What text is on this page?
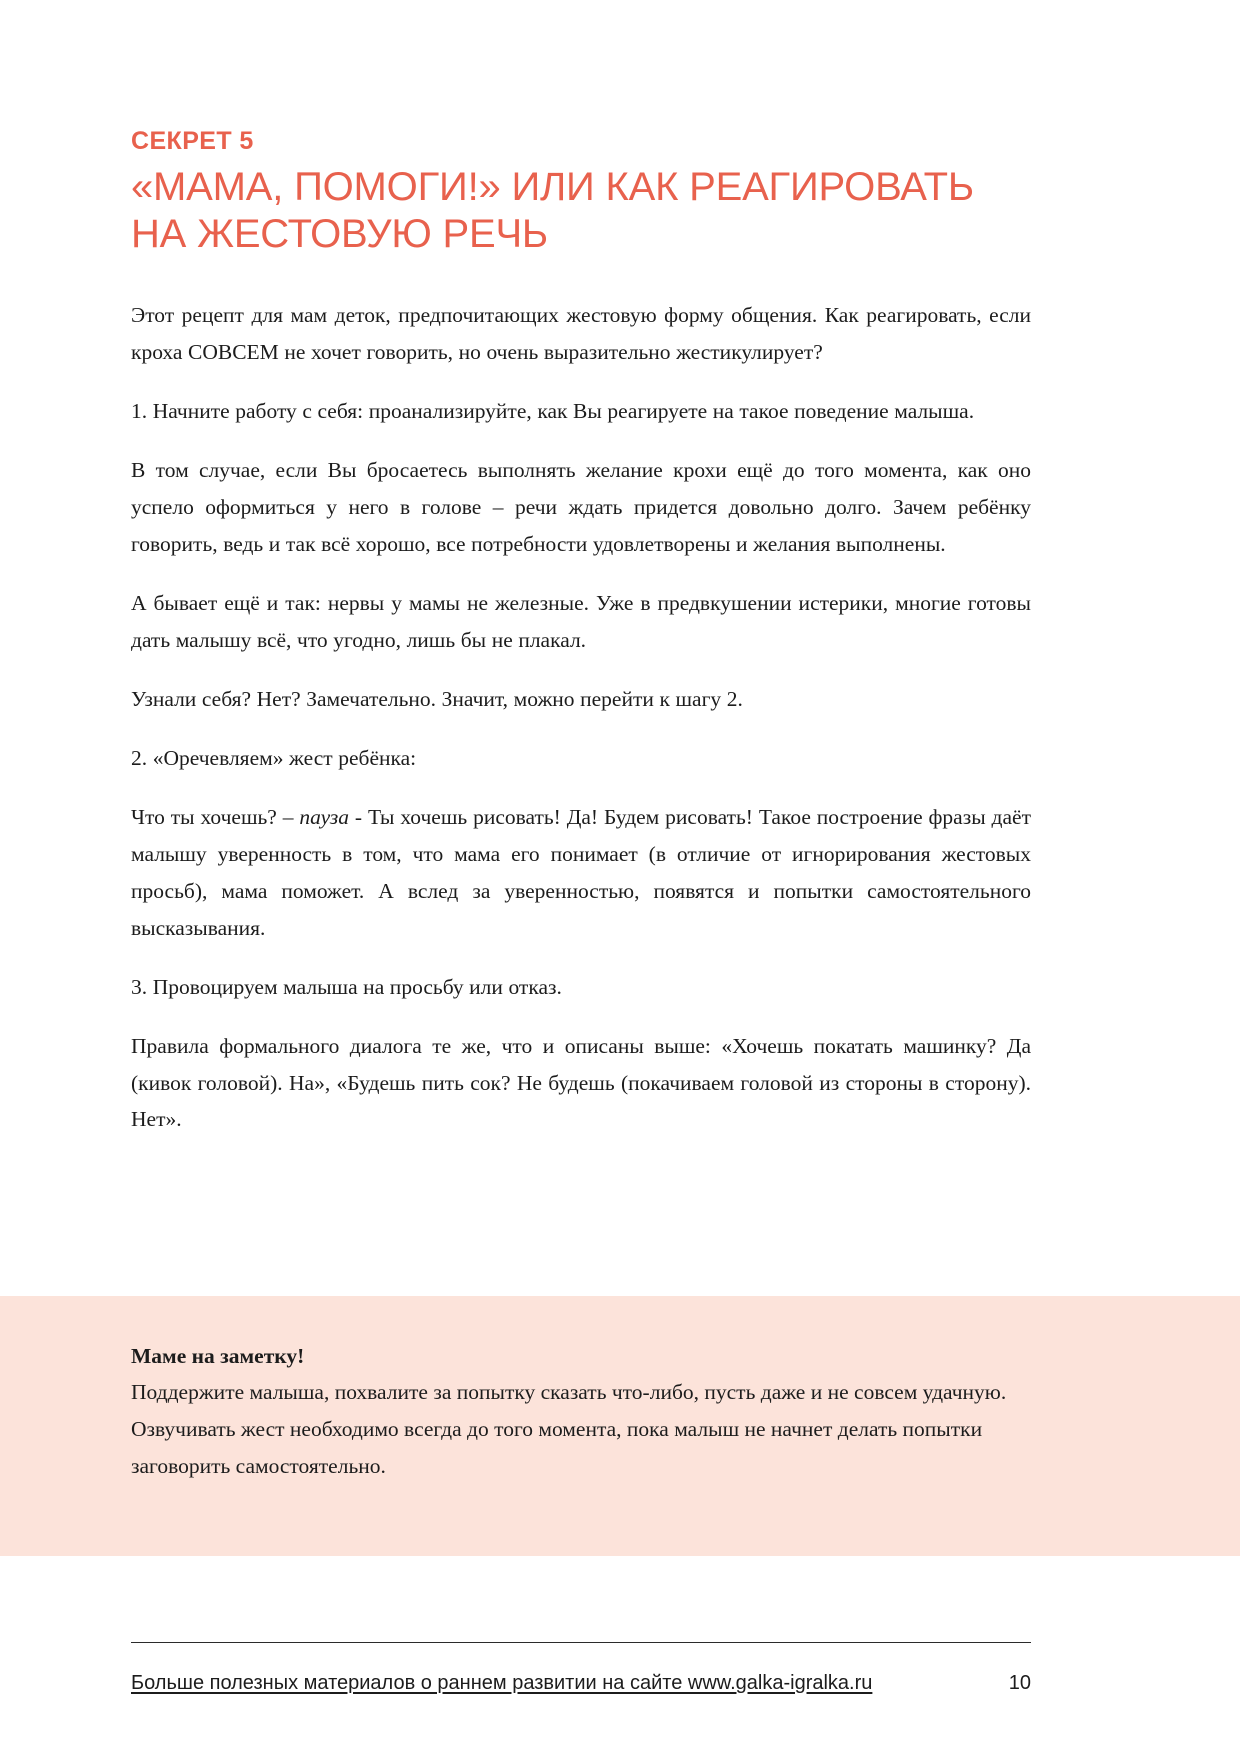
СЕКРЕТ 5
«МАМА, ПОМОГИ!» ИЛИ КАК РЕАГИРОВАТЬ НА ЖЕСТОВУЮ РЕЧЬ

Этот рецепт для мам деток, предпочитающих жестовую форму общения. Как реагировать, если кроха СОВСЕМ не хочет говорить, но очень выразительно жестикулирует?

1. Начните работу с себя: проанализируйте, как Вы реагируете на такое поведение малыша.

В том случае, если Вы бросаетесь выполнять желание крохи ещё до того момента, как оно успело оформиться у него в голове – речи ждать придется довольно долго. Зачем ребёнку говорить, ведь и так всё хорошо, все потребности удовлетворены и желания выполнены.

А бывает ещё и так: нервы у мамы не железные. Уже в предвкушении истерики, многие готовы дать малышу всё, что угодно, лишь бы не плакал.

Узнали себя? Нет? Замечательно. Значит, можно перейти к шагу 2.

2. «Оречевляем» жест ребёнка:

Что ты хочешь? – пауза - Ты хочешь рисовать! Да! Будем рисовать! Такое построение фразы даёт малышу уверенность в том, что мама его понимает (в отличие от игнорирования жестовых просьб), мама поможет. А вслед за уверенностью, появятся и попытки самостоятельного высказывания.

3. Провоцируем малыша на просьбу или отказ.

Правила формального диалога те же, что и описаны выше: «Хочешь покатать машинку? Да (кивок головой). На», «Будешь пить сок? Не будешь (покачиваем головой из стороны в сторону). Нет».

Маме на заметку!

Поддержите малыша, похвалите за попытку сказать что-либо, пусть даже и не совсем удачную. Озвучивать жест необходимо всегда до того момента, пока малыш не начнет делать попытки заговорить самостоятельно.

Больше полезных материалов о раннем развитии на сайте www.galka-igralka.ru	10
